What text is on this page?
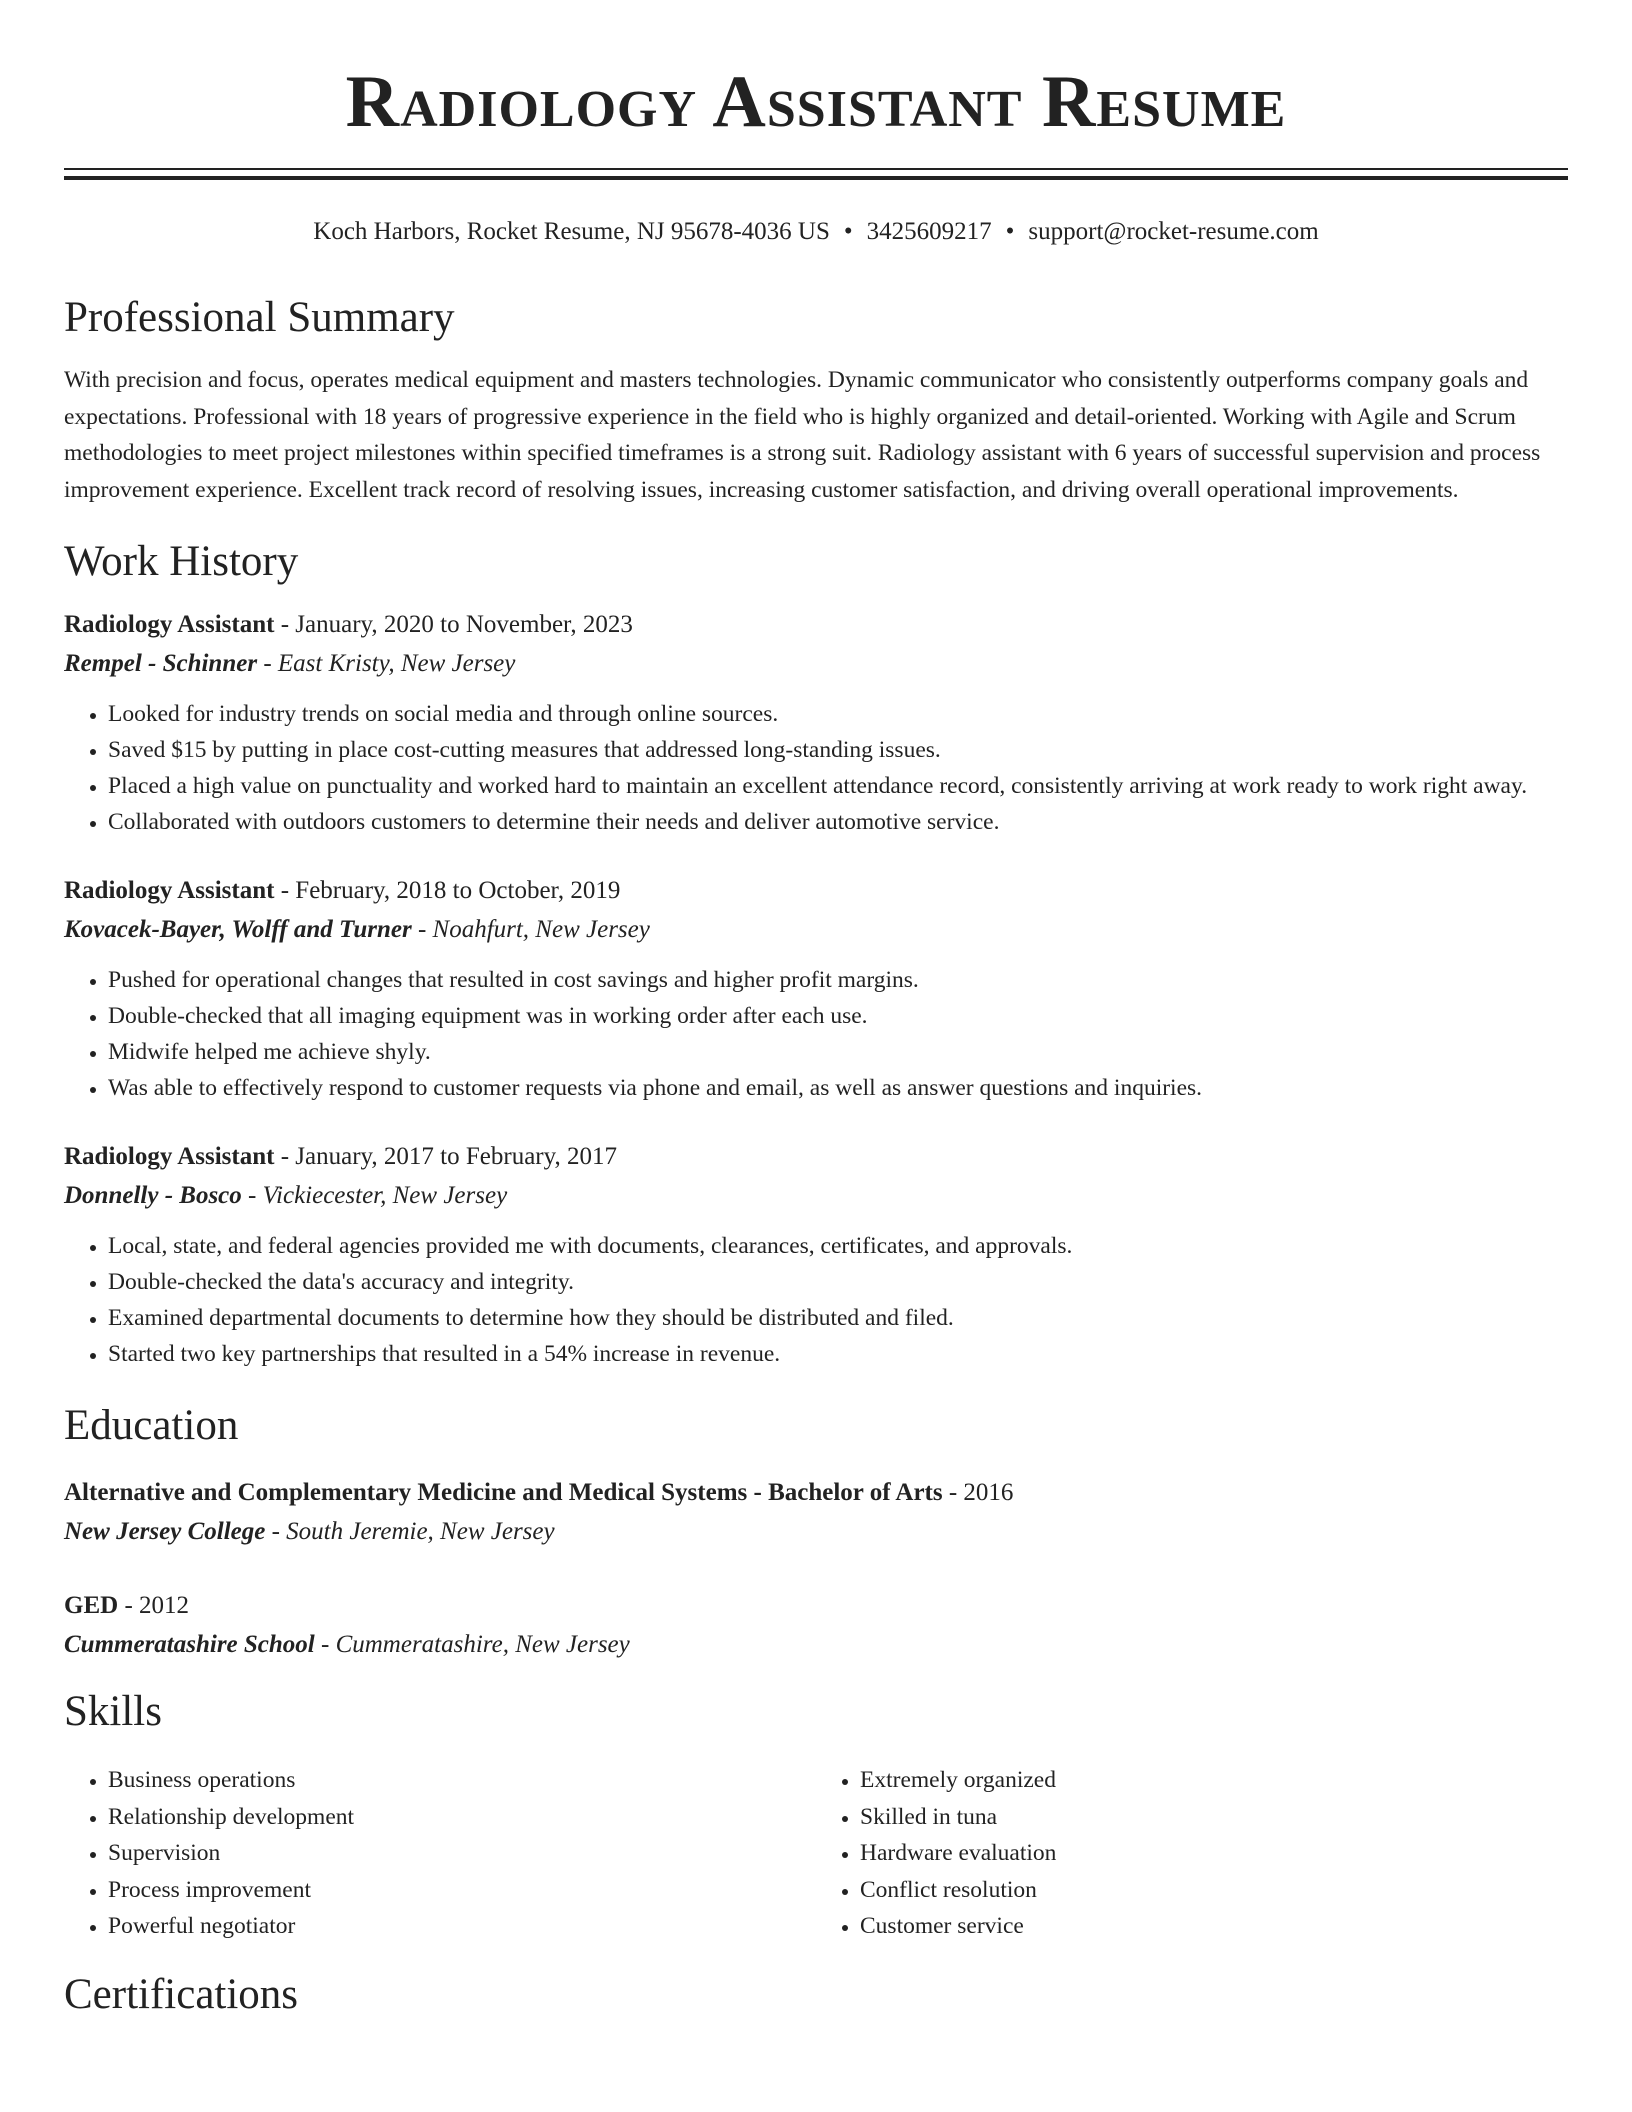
Radiology Assistant Resume
Koch Harbors, Rocket Resume, NJ 95678-4036 US • 3425609217 • support@rocket-resume.com
Professional Summary

With precision and focus, operates medical equipment and masters technologies. Dynamic communicator who consistently outperforms company goals and expectations. Professional with 18 years of progressive experience in the field who is highly organized and detail-oriented. Working with Agile and Scrum methodologies to meet project milestones within specified timeframes is a strong suit. Radiology assistant with 6 years of successful supervision and process improvement experience. Excellent track record of resolving issues, increasing customer satisfaction, and driving overall operational improvements.

Work History
Radiology Assistant - January, 2020 to November, 2023
Rempel - Schinner - East Kristy, New Jersey
• Looked for industry trends on social media and through online sources.
• Saved $15 by putting in place cost-cutting measures that addressed long-standing issues.
• Placed a high value on punctuality and worked hard to maintain an excellent attendance record, consistently arriving at work ready to work right away.
• Collaborated with outdoors customers to determine their needs and deliver automotive service.
Radiology Assistant - February, 2018 to October, 2019
Kovacek-Bayer, Wolff and Turner - Noahfurt, New Jersey
• Pushed for operational changes that resulted in cost savings and higher profit margins.
• Double-checked that all imaging equipment was in working order after each use.
• Midwife helped me achieve shyly.
• Was able to effectively respond to customer requests via phone and email, as well as answer questions and inquiries.
Radiology Assistant - January, 2017 to February, 2017
Donnelly - Bosco - Vickiecester, New Jersey
• Local, state, and federal agencies provided me with documents, clearances, certificates, and approvals.
• Double-checked the data's accuracy and integrity.
• Examined departmental documents to determine how they should be distributed and filed.
• Started two key partnerships that resulted in a 54% increase in revenue.
Education
Alternative and Complementary Medicine and Medical Systems - Bachelor of Arts - 2016
New Jersey College - South Jeremie, New Jersey
GED - 2012
Cummeratashire School - Cummeratashire, New Jersey
Skills
• Business operations
• Relationship development
• Supervision
• Process improvement
• Powerful negotiator
• Extremely organized
• Skilled in tuna
• Hardware evaluation
• Conflict resolution
• Customer service
Certifications
